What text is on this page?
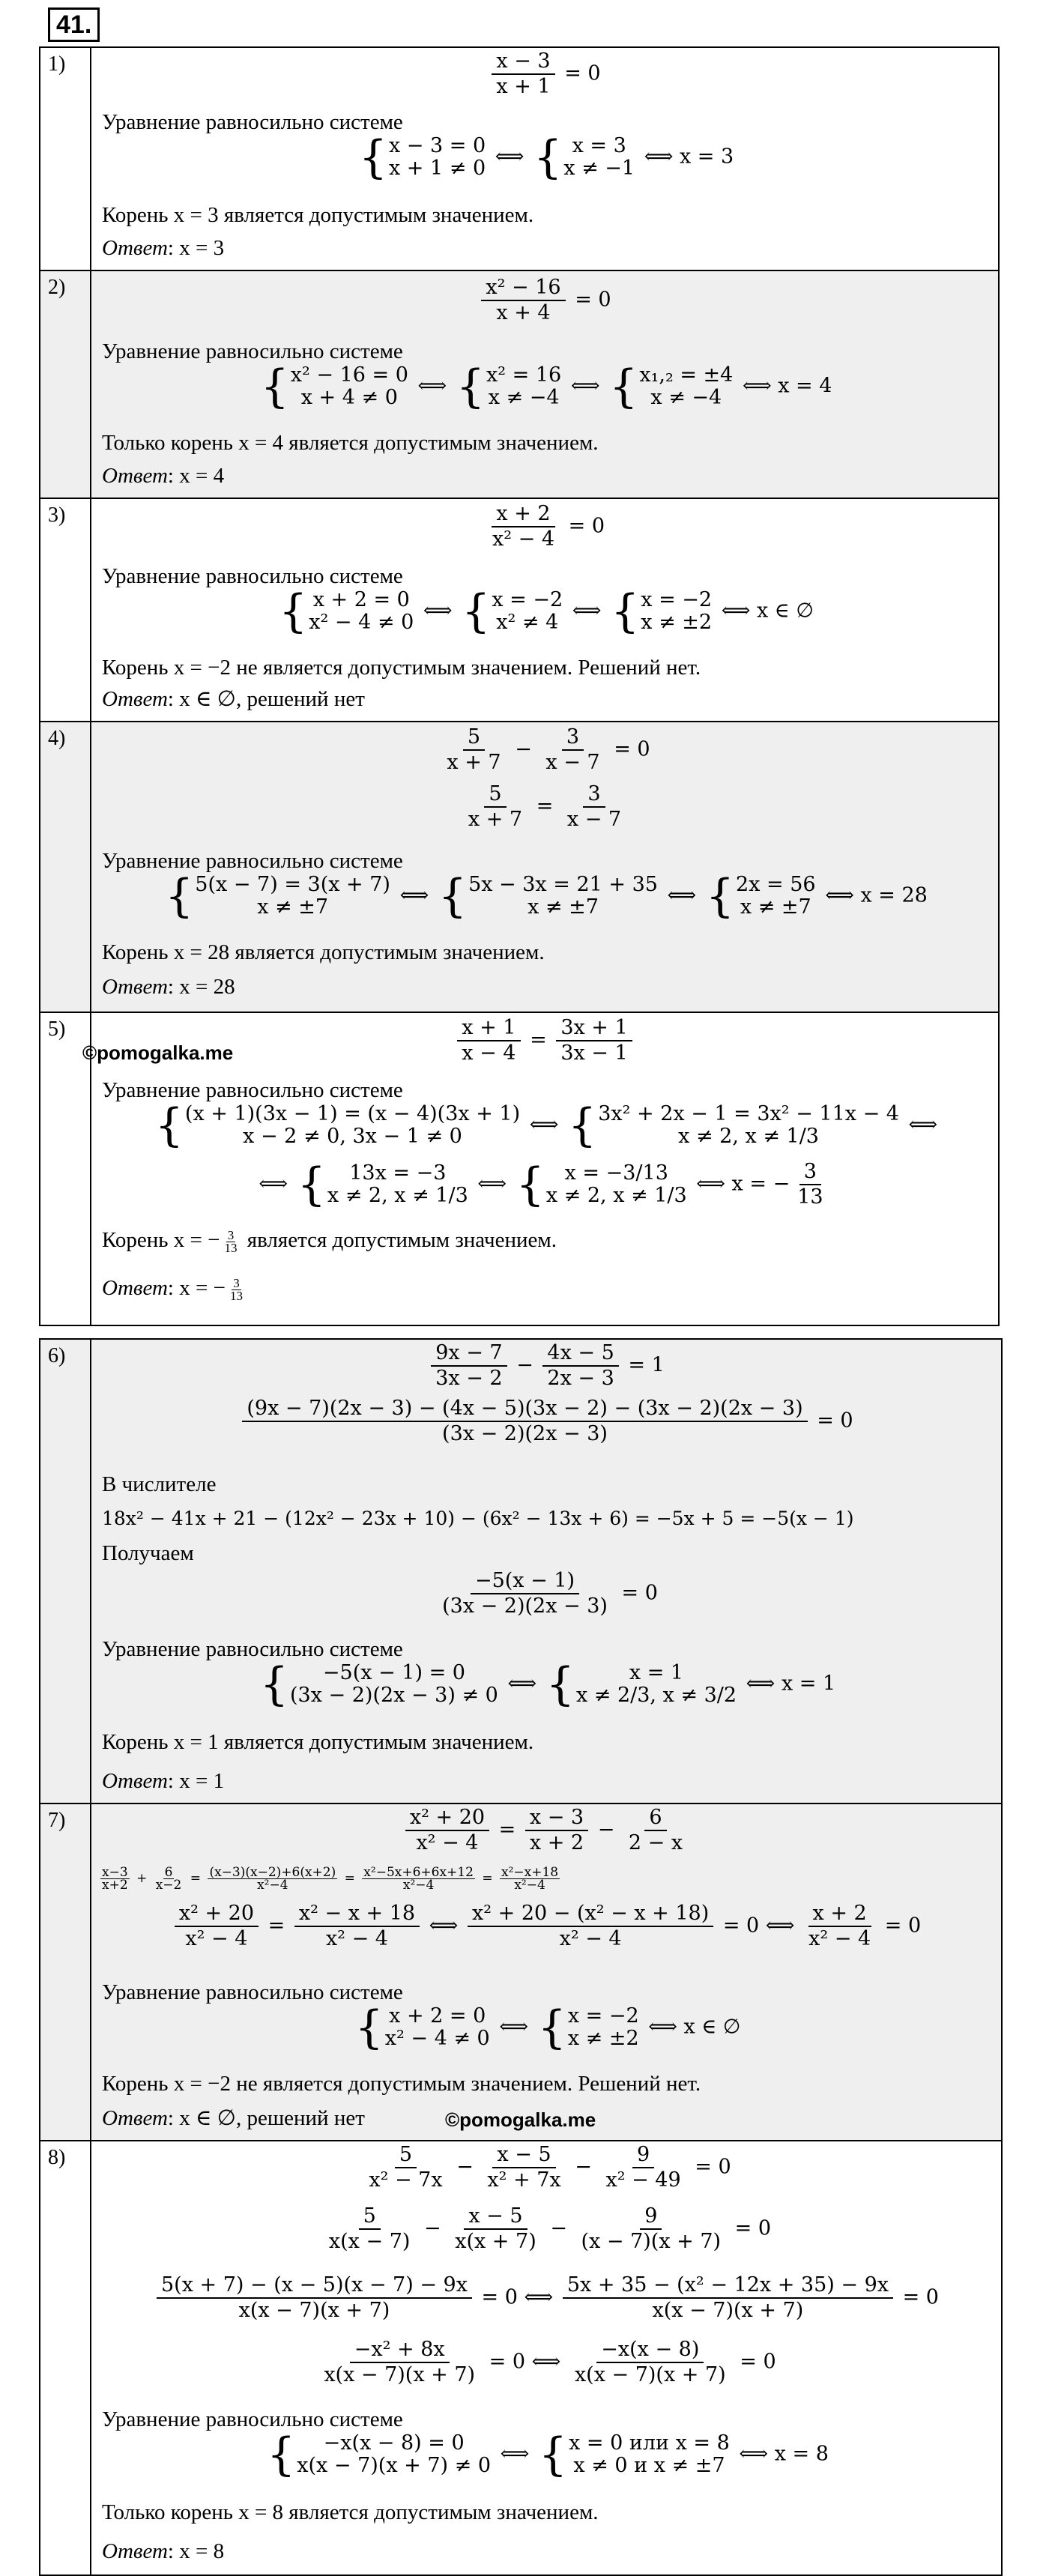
41.
1)	$\frac{x - 3}{x + 1} = 0$
Уравнение равносильно системе
{ x − 3 = 0
x + 1 ≠ 0 ⟺ { x = 3
x ≠ −1 ⟺ x = 3
Корень x = 3 является допустимым значением.
Ответ: x = 3
2)	$\frac{\text{x² − 16}}{x + 4} = 0$
Уравнение равносильно системе
{ x² − 16 = 0
x + 4 ≠ 0 ⟺ { x² = 16
x ≠ −4 ⟺ { x₁,₂ = ±4
x ≠ −4	⟺ x = 4
Только корень x = 4 является допустимым значением.
Ответ: x = 4
3)	$\frac{x + 2}{\text{x² − 4}} = 0$
Уравнение равносильно системе
{ x + 2 = 0
x² − 4 ≠ 0 ⟺ { x = −2
x² ≠ 4 ⟺ { x = −2
x ≠ ±2 ⟺ x ∈ ∅
Корень x = −2 не является допустимым значением. Решений нет.
Ответ: x ∈ ∅, решений нет
4)	$\frac{5}{x + 7} - \frac{3}{x - 7} = 0$
$\frac{5}{x + 7} = \frac{3}{x - 7}$
Уравнение равносильно системе
{ 5(x − 7) = 3(x + 7)
x ≠ ±7	⟺ { 5x − 3x = 21 + 35
x ≠ ±7	⟺ { 2x = 56
x ≠ ±7 ⟺ x = 28
Корень x = 28 является допустимым значением.
Ответ: x = 28
5)
©pomogalka.me	$\frac{x + 1}{x - 4} = \frac{3x + 1}{3x - 1}$
Уравнение равносильно системе
{ (x + 1)(3x − 1) = (x − 4)(3x + 1)
x − 2 ≠ 0, 3x − 1 ≠ 0	⟺ { 3x² + 2x − 1 = 3x² − 11x − 4
x ≠ 2, x ≠ 1/3	⟺
⟺ {	13x = −3
x ≠ 2, x ≠ 1/3 ⟺ { x = −3/13
x ≠ 2, x ≠ 1/3 ⟺ x = − $\frac{3}{13}$
Корень x = − $\frac{3}{13}$ является допустимым значением.
Ответ: x = − $\frac{3}{13}$
6)	$\frac{9x - 7}{3x - 2} - \frac{4x - 5}{2x - 3} = 1$
$\frac{(9x - 7)(2x - 3) - (4x - 5)(3x - 2) - (3x - 2)(2x - 3)}{(3x - 2)(2x - 3)} = 0$
В числителе
18x² − 41x + 21 − (12x² − 23x + 10) − (6x² − 13x + 6) = −5x + 5 = −5(x − 1)
Получаем
$\frac{-5(x - 1)}{(3x - 2)(2x - 3)} = 0$
Уравнение равносильно системе
{	−5(x − 1) = 0
(3x − 2)(2x − 3) ≠ 0 ⟺ {	x = 1
x ≠ 2/3, x ≠ 3/2 ⟺ x = 1
Корень x = 1 является допустимым значением.
Ответ: x = 1
7)	$\frac{\text{x² + 20}}{\text{x² − 4}} = \frac{x - 3}{x + 2} - \frac{6}{2 - x}$
$\frac{x-3}{x+2} + \frac{6}{x-2} = \frac{(x-3)(x-2)+6(x+2)}{\text{x²−4}} = \frac{\text{x²−5x+6+6x+12}}{\text{x²−4}} = \frac{\text{x²−x+18}}{\text{x²−4}}$
$\frac{\text{x² + 20}}{\text{x² − 4}} = \frac{\text{x² − x + 18}}{\text{x² − 4}}$ ⟺ $\frac{\text{x² + 20 − (x² − x + 18)}}{\text{x² − 4}} = 0$ ⟺ $\frac{x + 2}{\text{x² − 4}} = 0$
Уравнение равносильно системе
{ x + 2 = 0
x² − 4 ≠ 0 ⟺ { x = −2
x ≠ ±2 ⟺ x ∈ ∅
Корень x = −2 не является допустимым значением. Решений нет.
Ответ: x ∈ ∅, решений нет	©pomogalka.me
8)	$\frac{5}{\text{x² − 7x}} - \frac{x - 5}{\text{x² + 7x}} - \frac{9}{\text{x² − 49}} = 0$
$\frac{5}{x(x - 7)} - \frac{x - 5}{x(x + 7)} - \frac{9}{(x - 7)(x + 7)} = 0$
$\frac{5(x + 7) - (x - 5)(x - 7) - 9x}{x(x - 7)(x + 7)} = 0$ ⟺ $\frac{\text{5x + 35 − (x² − 12x + 35) − 9x}}{x(x - 7)(x + 7)} = 0$
$\frac{\text{−x² + 8x}}{x(x - 7)(x + 7)} = 0$ ⟺ $\frac{-x(x - 8)}{x(x - 7)(x + 7)} = 0$
Уравнение равносильно системе
{	−x(x − 8) = 0
x(x − 7)(x + 7) ≠ 0 ⟺ { x = 0 или x = 8
x ≠ 0 и x ≠ ±7 ⟺ x = 8
Только корень x = 8 является допустимым значением.
Ответ: x = 8
